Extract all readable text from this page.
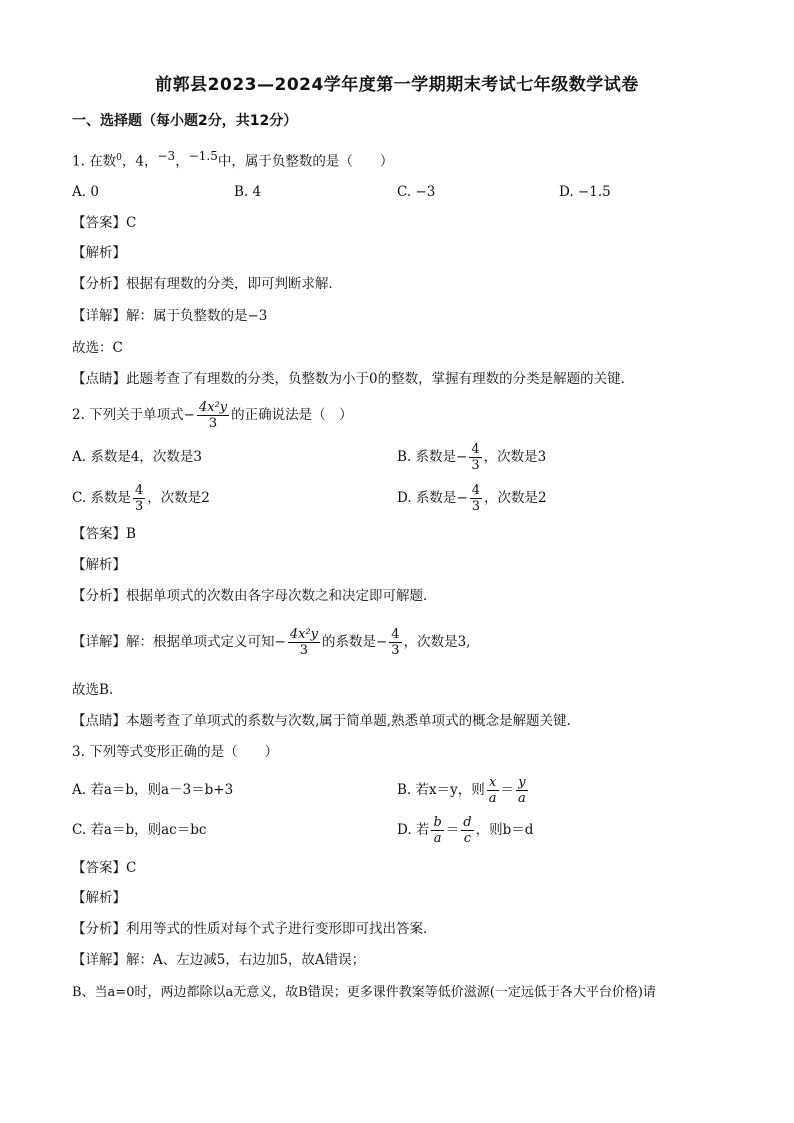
前郭县2023—2024学年度第一学期期末考试七年级数学试卷
一、选择题（每小题2分，共12分）
1. 在数$^0$，4，$^{-3}$，$^{-1.5}$中，属于负整数的是（　　）
A. 0	B. 4	C. −3	D. −1.5
【答案】C
【解析】
【分析】根据有理数的分类，即可判断求解．
【详解】解：属于负整数的是−3
故选：C
【点睛】此题考查了有理数的分类，负整数为小于0的整数，掌握有理数的分类是解题的关键．
2. 下列关于单项式− $\frac{\text{4x²y}}{3}$ 的正确说法是（　）
A. 系数是4，次数是3	B. 系数是− $\frac{4}{3}$ ，次数是3
C. 系数是 $\frac{4}{3}$ ，次数是2	D. 系数是− $\frac{4}{3}$ ，次数是2
【答案】B
【解析】
【分析】根据单项式的次数由各字母次数之和决定即可解题．
【详解】解：根据单项式定义可知− $\frac{\text{4x²y}}{3}$ 的系数是− $\frac{4}{3}$ ，次数是3,
故选B.
【点睛】本题考查了单项式的系数与次数,属于简单题,熟悉单项式的概念是解题关键.
3. 下列等式变形正确的是（　　）
A. 若a＝b，则a－3＝b+3	B. 若x＝y，则 $\frac{x}{a} = \frac{y}{a}$
C. 若a＝b，则ac＝bc	D. 若 $\frac{b}{a} = \frac{d}{c}$ ，则b＝d
【答案】C
【解析】
【分析】利用等式的性质对每个式子进行变形即可找出答案．
【详解】解：A、左边减5，右边加5，故A错误；
B、当a=0时，两边都除以a无意义，故B错误；更多课件教案等低价滋源(一定远低于各大平台价格)请
